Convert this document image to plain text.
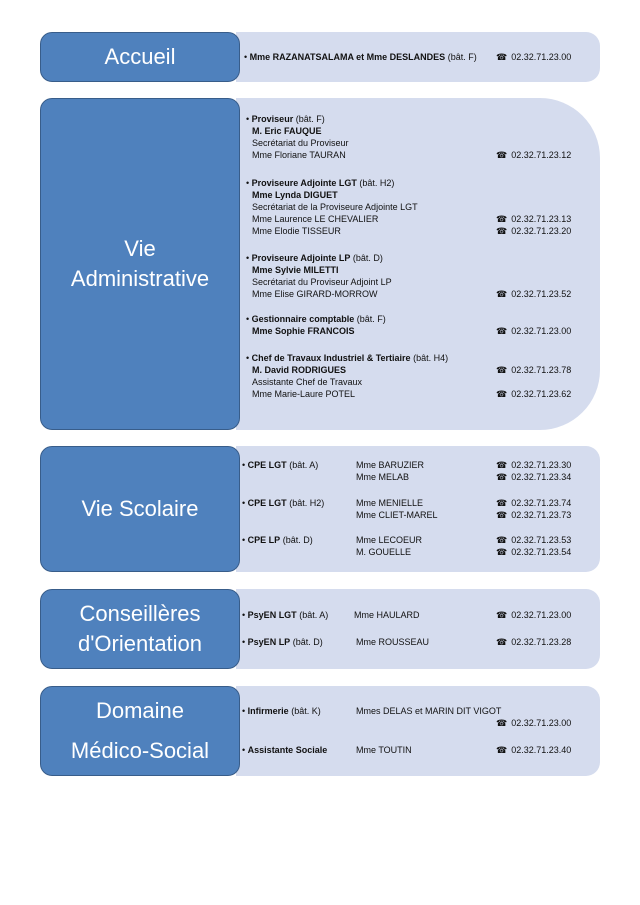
Accueil	• Mme RAZANATSALAMA et Mme DESLANDES (bât. F) ☎ 02.32.71.23.00
Vie
Administrative
• Proviseur (bât. F)
M. Eric FAUQUE
Secrétariat du Proviseur
Mme Floriane TAURAN	☎ 02.32.71.23.12
• Proviseure Adjointe LGT (bât. H2)
Mme Lynda DIGUET
Secrétariat de la Proviseure Adjointe LGT
Mme Laurence LE CHEVALIER	☎ 02.32.71.23.13
Mme Elodie TISSEUR	☎ 02.32.71.23.20
• Proviseure Adjointe LP (bât. D)
Mme Sylvie MILETTI
Secrétariat du Proviseur Adjoint LP
Mme Elise GIRARD-MORROW	☎ 02.32.71.23.52
• Gestionnaire comptable (bât. F)
Mme Sophie FRANCOIS	☎ 02.32.71.23.00
• Chef de Travaux Industriel & Tertiaire (bât. H4)
M. David RODRIGUES	☎ 02.32.71.23.78
Assistante Chef de Travaux
Mme Marie-Laure POTEL	☎ 02.32.71.23.62
Vie Scolaire
• CPE LGT (bât. A)	Mme BARUZIER	☎ 02.32.71.23.30
Mme MELAB	☎ 02.32.71.23.34
• CPE LGT (bât. H2)	Mme MENIELLE	☎ 02.32.71.23.74
Mme CLIET-MAREL	☎ 02.32.71.23.73
• CPE LP (bât. D)	Mme LECOEUR	☎ 02.32.71.23.53
M. GOUELLE	☎ 02.32.71.23.54
Conseillères
d'Orientation
• PsyEN LGT (bât. A)	Mme HAULARD	☎ 02.32.71.23.00
• PsyEN LP (bât. D)	Mme ROUSSEAU	☎ 02.32.71.23.28
Domaine
Médico-Social
• Infirmerie (bât. K)	Mmes DELAS et MARIN DIT VIGOT
☎ 02.32.71.23.00
• Assistante Sociale	Mme TOUTIN	☎ 02.32.71.23.40
